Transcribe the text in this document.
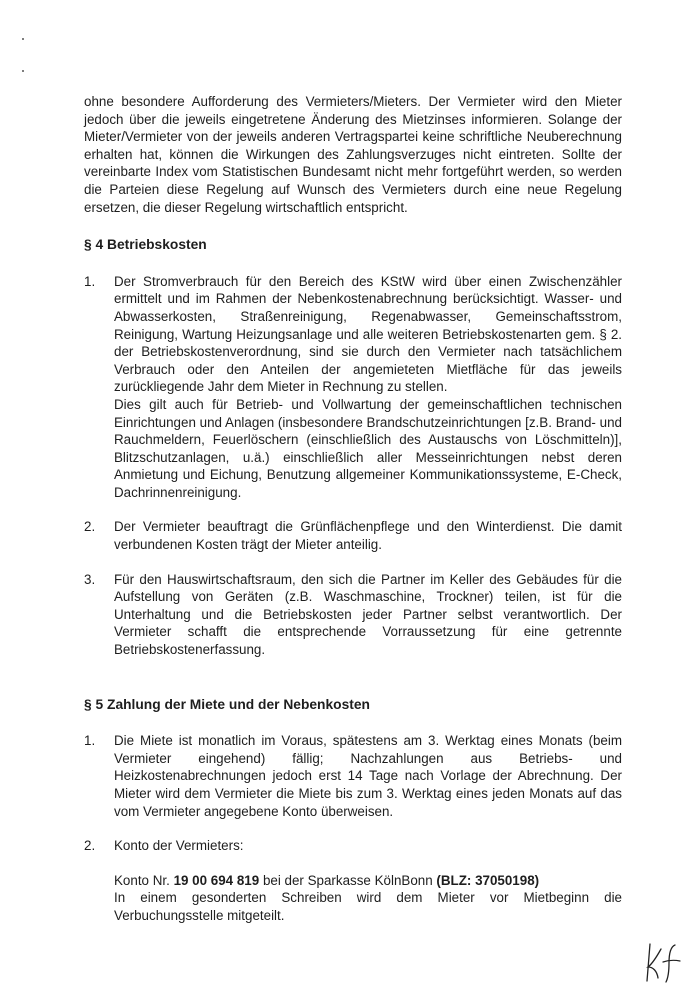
ohne besondere Aufforderung des Vermieters/Mieters. Der Vermieter wird den Mieter jedoch über die jeweils eingetretene Änderung des Mietzinses informieren. Solange der Mieter/Vermieter von der jeweils anderen Vertragspartei keine schriftliche Neuberechnung erhalten hat, können die Wirkungen des Zahlungsverzuges nicht eintreten. Sollte der vereinbarte Index vom Statistischen Bundesamt nicht mehr fortgeführt werden, so werden die Parteien diese Regelung auf Wunsch des Vermieters durch eine neue Regelung ersetzen, die dieser Regelung wirtschaftlich entspricht.

§ 4 Betriebskosten
1.	Der Stromverbrauch für den Bereich des KStW wird über einen Zwischenzähler ermittelt und im Rahmen der Nebenkostenabrechnung berücksichtigt. Wasser- und Abwasserkosten, Straßenreinigung, Regenabwasser, Gemeinschaftsstrom, Reinigung, Wartung Heizungsanlage und alle weiteren Betriebskostenarten gem. § 2. der Betriebskostenverordnung, sind sie durch den Vermieter nach tatsächlichem Verbrauch oder den Anteilen der angemieteten Mietfläche für das jeweils zurückliegende Jahr dem Mieter in Rechnung zu stellen.

Dies gilt auch für Betrieb- und Vollwartung der gemeinschaftlichen technischen Einrichtungen und Anlagen (insbesondere Brandschutzeinrichtungen [z.B. Brand- und Rauchmeldern, Feuerlöschern (einschließlich des Austauschs von Löschmitteln)], Blitzschutzanlagen, u.ä.) einschließlich aller Messeinrichtungen nebst deren Anmietung und Eichung, Benutzung allgemeiner Kommunikationssysteme, E-Check, Dachrinnenreinigung.

2.	Der Vermieter beauftragt die Grünflächenpflege und den Winterdienst. Die damit verbundenen Kosten trägt der Mieter anteilig.

3.	Für den Hauswirtschaftsraum, den sich die Partner im Keller des Gebäudes für die Aufstellung von Geräten (z.B. Waschmaschine, Trockner) teilen, ist für die Unterhaltung und die Betriebskosten jeder Partner selbst verantwortlich. Der Vermieter schafft die entsprechende Vorraussetzung für eine getrennte Betriebskostenerfassung.

§ 5 Zahlung der Miete und der Nebenkosten
1.	Die Miete ist monatlich im Voraus, spätestens am 3. Werktag eines Monats (beim Vermieter eingehend) fällig; Nachzahlungen aus Betriebs- und Heizkostenabrechnungen jedoch erst 14 Tage nach Vorlage der Abrechnung. Der Mieter wird dem Vermieter die Miete bis zum 3. Werktag eines jeden Monats auf das vom Vermieter angegebene Konto überweisen.

2.	Konto der Vermieters:

Konto Nr. 19 00 694 819 bei der Sparkasse KölnBonn (BLZ: 37050198)

In einem gesonderten Schreiben wird dem Mieter vor Mietbeginn die Verbuchungsstelle mitgeteilt.
